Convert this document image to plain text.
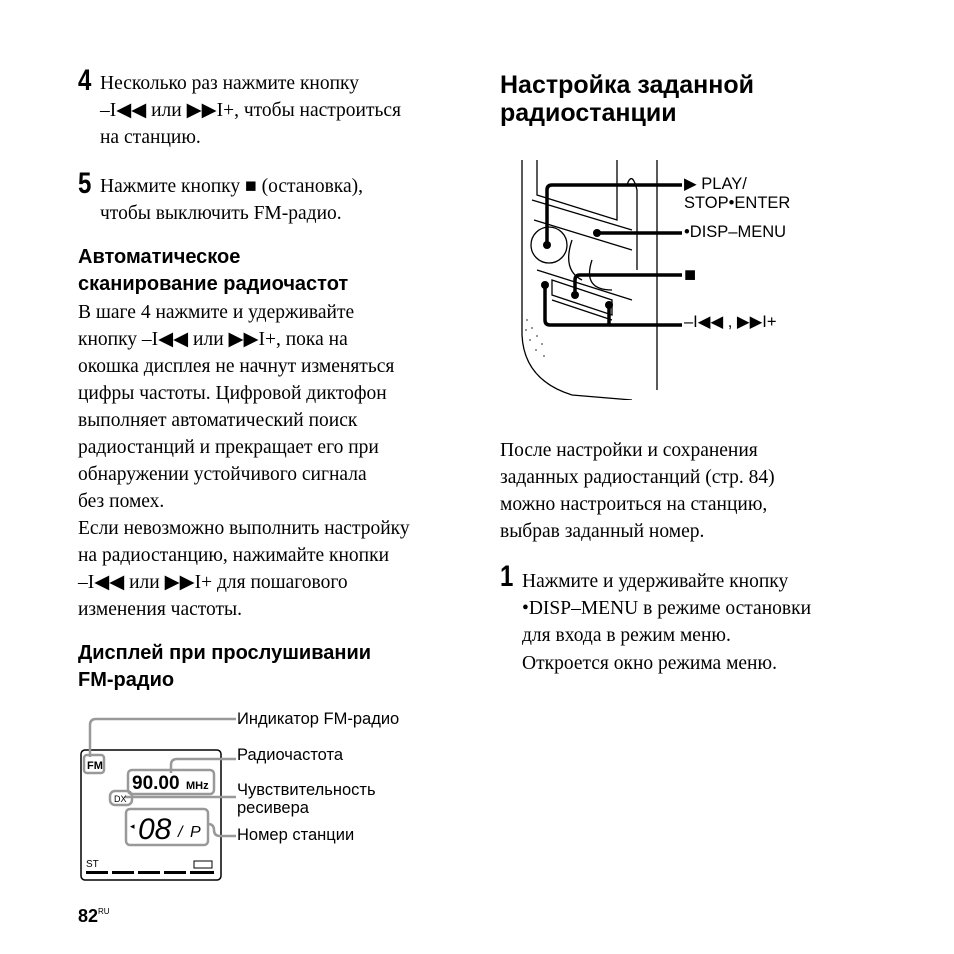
4 Несколько раз нажмите кнопку
–I◀◀ или ▶▶I+, чтобы настроиться
на станцию.
5 Нажмите кнопку ■ (остановка),
чтобы выключить FM-радио.
Автоматическое
сканирование радиочастот
В шаге 4 нажмите и удерживайте
кнопку –I◀◀ или ▶▶I+, пока на
окошка дисплея не начнут изменяться
цифры частоты. Цифровой диктофон
выполняет автоматический поиск
радиостанций и прекращает его при
обнаружении устойчивого сигнала
без помех.
Если невозможно выполнить настройку
на радиостанцию, нажимайте кнопки
–I◀◀ или ▶▶I+ для пошагового
изменения частоты.
Дисплей при прослушивании
FM-радио
FM
90.00 MHz
DX
◂ 08 / P
ST
Индикатор FM-радио
Радиочастота
Чувствительность
ресивера
Номер станции
Настройка заданной
радиостанции
▶ PLAY/
STOP•ENTER
•DISP–MENU
■
–I◀◀ , ▶▶I+
После настройки и сохранения
заданных радиостанций (стр. 84)
можно настроиться на станцию,
выбрав заданный номер.
1 Нажмите и удерживайте кнопку
•DISP–MENU в режиме остановки
для входа в режим меню.
Откроется окно режима меню.
$82^{RU}$
